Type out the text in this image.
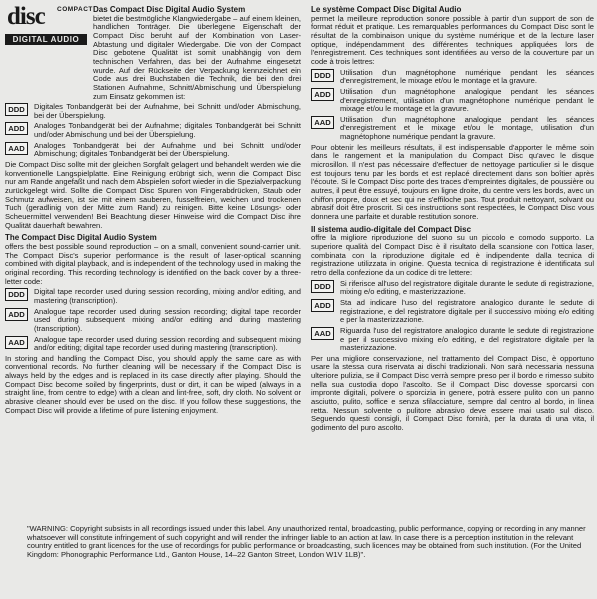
disc COMPACT
DIGITAL AUDIO
Das Compact Disc Digital Audio System

bietet die bestmögliche Klangwiedergabe – auf einem kleinen, handlichen Tonträger. Die überlegene Eigenschaft der Compact Disc beruht auf der Kombination von Laser-Abtastung und digitaler Wiedergabe. Die von der Compact Disc gebotene Qualität ist somit unabhängig von dem technischen Verfahren, das bei der Aufnahme eingesetzt wurde. Auf der Rückseite der Verpackung kennzeichnet ein Code aus drei Buchstaben die Technik, die bei den drei Stationen Aufnahme, Schnitt/Abmischung und Überspielung zum Einsatz gekommen ist:

DDD	Digitales Tonbandgerät bei der Aufnahme, bei Schnitt und/oder Abmischung, bei der Überspielung.
ADD	Analoges Tonbandgerät bei der Aufnahme; digitales Tonbandgerät bei Schnitt und/oder Abmischung und bei der Überspielung.
AAD	Analoges Tonbandgerät bei der Aufnahme und bei Schnitt und/oder Abmischung; digitales Tonbandgerät bei der Überspielung.

Die Compact Disc sollte mit der gleichen Sorgfalt gelagert und behandelt werden wie die konventionelle Langspielplatte. Eine Reinigung erübrigt sich, wenn die Compact Disc nur am Rande angefaßt und nach dem Abspielen sofort wieder in die Spezialverpackung zurückgelegt wird. Sollte die Compact Disc Spuren von Fingerabdrücken, Staub oder Schmutz aufweisen, ist sie mit einem sauberen, fusselfreien, weichen und trockenen Tuch (geradlinig von der Mitte zum Rand) zu reinigen. Bitte keine Lösungs- oder Scheuermittel verwenden! Bei Beachtung dieser Hinweise wird die Compact Disc ihre Qualität dauerhaft bewahren.

The Compact Disc Digital Audio System

offers the best possible sound reproduction – on a small, convenient sound-carrier unit. The Compact Disc's superior performance is the result of laser-optical scanning combined with digital playback, and is independent of the technology used in making the original recording. This recording technology is identified on the back cover by a three-letter code:

DDD	Digital tape recorder used during session recording, mixing and/or editing, and mastering (transcription).
ADD	Analogue tape recorder used during session recording; digital tape recorder used during subsequent mixing and/or editing and during mastering (transcription).
AAD	Analogue tape recorder used during session recording and subsequent mixing and/or editing; digital tape recorder used during mastering (transcription).

In storing and handling the Compact Disc, you should apply the same care as with conventional records. No further cleaning will be necessary if the Compact Disc is always held by the edges and is replaced in its case directly after playing. Should the Compact Disc become soiled by fingerprints, dust or dirt, it can be wiped (always in a straight line, from centre to edge) with a clean and lint-free, soft, dry cloth. No solvent or abrasive cleaner should ever be used on the disc. If you follow these suggestions, the Compact Disc will provide a lifetime of pure listening enjoyment.

Le système Compact Disc Digital Audio

permet la meilleure reproduction sonore possible à partir d'un support de son de format réduit et pratique. Les remarquables performances du Compact Disc sont le résultat de la combinaison unique du système numérique et de la lecture laser optique, indépendamment des différentes techniques appliquées lors de l'enregistrement. Ces techniques sont identifiées au verso de la couverture par un code à trois lettres:

DDD	Utilisation d'un magnétophone numérique pendant les séances d'enregistrement, le mixage et/ou le montage et la gravure.
ADD	Utilisation d'un magnétophone analogique pendant les séances d'enregistrement, utilisation d'un magnétophone numérique pendant le mixage et/ou le montage et la gravure.
AAD	Utilisation d'un magnétophone analogique pendant les séances d'enregistrement et le mixage et/ou le montage, utilisation d'un magnétophone numérique pendant la gravure.

Pour obtenir les meilleurs résultats, il est indispensable d'apporter le même soin dans le rangement et la manipulation du Compact Disc qu'avec le disque microsillon. Il n'est pas nécessaire d'effectuer de nettoyage particulier si le disque est toujours tenu par les bords et est replacé directement dans son boîtier après l'écoute. Si le Compact Disc porte des traces d'empreintes digitales, de poussière ou autres, il peut être essuyé, toujours en ligne droite, du centre vers les bords, avec un chiffon propre, doux et sec qui ne s'effiloche pas. Tout produit nettoyant, solvant ou abrasif doit être proscrit. Si ces instructions sont respectées, le Compact Disc vous donnera une parfaite et durable restitution sonore.

Il sistema audio-digitale del Compact Disc

offre la migliore riproduzione del suono su un piccolo e comodo supporto. La superiore qualità del Compact Disc è il risultato della scansione con l'ottica laser, combinata con la riproduzione digitale ed è indipendente dalla tecnica di registrazione utilizzata in origine. Questa tecnica di registrazione è identificata sul retro della confezione da un codice di tre lettere:

DDD	Si riferisce all'uso del registratore digitale durante le sedute di registrazione, mixing e/o editing, e masterizzazione.
ADD	Sta ad indicare l'uso del registratore analogico durante le sedute di registrazione, e del registratore digitale per il successivo mixing e/o editing e per la masterizzazione.
AAD	Riguarda l'uso del registratore analogico durante le sedute di registrazione e per il successivo mixing e/o editing, e del registratore digitale per la masterizzazione.

Per una migliore conservazione, nel trattamento del Compact Disc, è opportuno usare la stessa cura riservata ai dischi tradizionali. Non sarà necessaria nessuna ulteriore pulizia, se il Compact Disc verrà sempre preso per il bordo e rimesso subito nella sua custodia dopo l'ascolto. Se il Compact Disc dovesse sporcarsi con impronte digitali, polvere o sporcizia in genere, potrà essere pulito con un panno asciutto, pulito, soffice e senza sfilacciature, sempre dal centro al bordo, in linea retta. Nessun solvente o pulitore abrasivo deve essere mai usato sul disco. Seguendo questi consigli, il Compact Disc fornirà, per la durata di una vita, il godimento del puro ascolto.

"WARNING: Copyright subsists in all recordings issued under this label. Any unauthorized rental, broadcasting, public performance, copying or recording in any manner whatsoever will constitute infringement of such copyright and will render the infringer liable to an action at law. In case there is a perception institution in the relevant country entitled to grant licences for the use of recordings for public performance or broadcasting, such licences may be obtained from such institution. (For the United Kingdom: Phonographic Performance Ltd., Ganton House, 14–22 Ganton Street, London W1V 1LB)".
